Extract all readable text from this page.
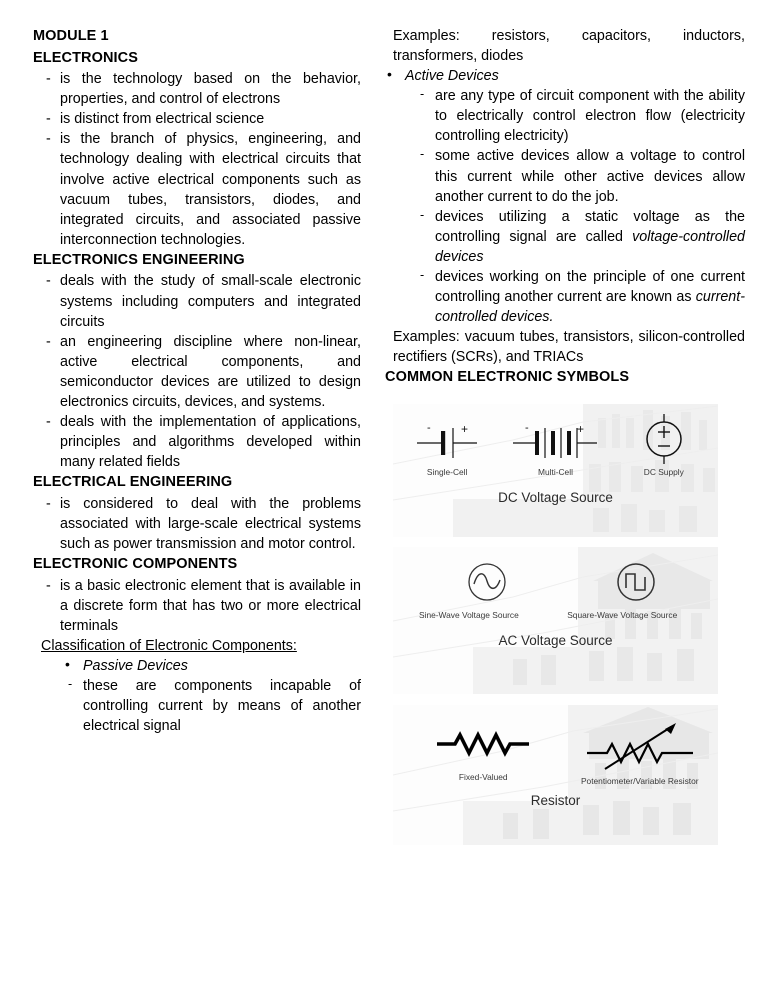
MODULE 1
ELECTRONICS
- is the technology based on the behavior, properties, and control of electrons
- is distinct from electrical science
- is the branch of physics, engineering, and technology dealing with electrical circuits that involve active electrical components such as vacuum tubes, transistors, diodes, and integrated circuits, and associated passive interconnection technologies.
ELECTRONICS ENGINEERING
- deals with the study of small-scale electronic systems including computers and integrated circuits
- an engineering discipline where non-linear, active electrical components, and semiconductor devices are utilized to design electronics circuits, devices, and systems.
- deals with the implementation of applications, principles and algorithms developed within many related fields
ELECTRICAL ENGINEERING
- is considered to deal with the problems associated with large-scale electrical systems such as power transmission and motor control.
ELECTRONIC COMPONENTS
- is a basic electronic element that is available in a discrete form that has two or more electrical terminals

Classification of Electronic Components:

• Passive Devices
- these are components incapable of controlling current by means of another electrical signal

Examples: resistors, capacitors, inductors, transformers, diodes

• Active Devices
- are any type of circuit component with the ability to electrically control electron flow (electricity controlling electricity)
- some active devices allow a voltage to control this current while other active devices allow another current to do the job.
- devices utilizing a static voltage as the controlling signal are called voltage-controlled devices
- devices working on the principle of one current controlling another current are known as current-controlled devices.

Examples: vacuum tubes, transistors, silicon-controlled rectifiers (SCRs), and TRIACs

COMMON ELECTRONIC SYMBOLS
-	+
Single-Cell
-	+
Multi-Cell	DC Supply
DC Voltage Source
Sine-Wave Voltage Source	Square-Wave Voltage Source
AC Voltage Source
Fixed-Valued	Potentiometer/Variable Resistor
Resistor
